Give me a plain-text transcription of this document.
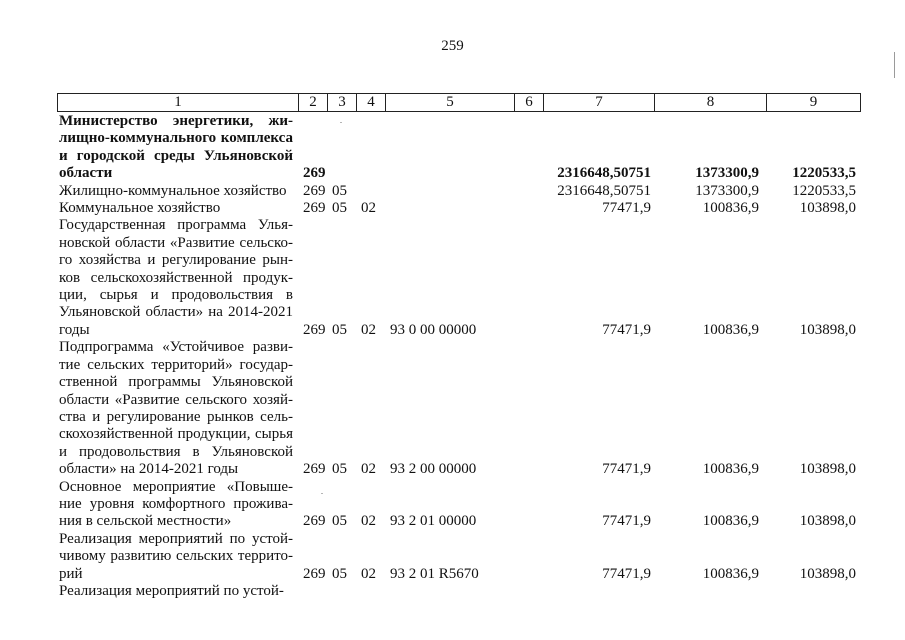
259
1	2	3	4	5	6	7	8	9
Министерство энергетики, жилищно-коммунального комплекса и городской среды Ульяновской области	269					2316648,50751	1373300,9	1220533,5
Жилищно-коммунальное хозяйство	269	05				2316648,50751	1373300,9	1220533,5
Коммунальное хозяйство	269	05	02			77471,9	100836,9	103898,0
Государственная программа Ульяновской области «Развитие сельского хозяйства и регулирование рынков сельскохозяйственной продукции, сырья и продовольствия в Ульяновской области» на 2014-2021 годы	269	05	02	93 0 00 00000		77471,9	100836,9	103898,0
Подпрограмма «Устойчивое развитие сельских территорий» государственной программы Ульяновской области «Развитие сельского хозяйства и регулирование рынков сельскохозяйственной продукции, сырья и продовольствия в Ульяновской области» на 2014-2021 годы	269	05	02	93 2 00 00000		77471,9	100836,9	103898,0
Основное мероприятие «Повышение уровня комфортного проживания в сельской местности»	269	05	02	93 2 01 00000		77471,9	100836,9	103898,0
Реализация мероприятий по устойчивому развитию сельских территорий	269	05	02	93 2 01 R5670		77471,9	100836,9	103898,0
Реализация мероприятий по устой-								
